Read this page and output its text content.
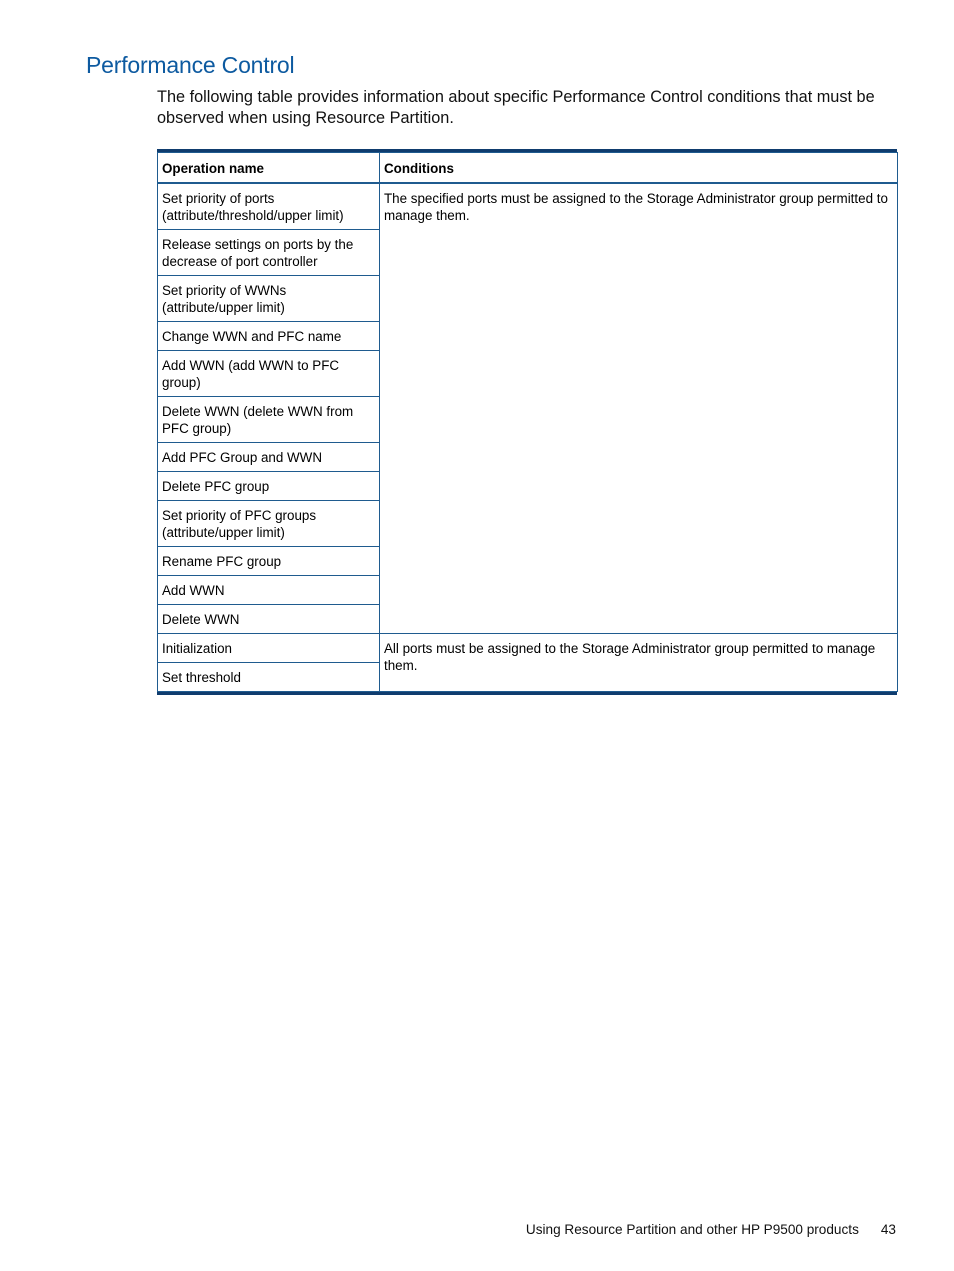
Performance Control

The following table provides information about specific Performance Control conditions that must be observed when using Resource Partition.

Operation name	Conditions
Set priority of ports (attribute/threshold/upper limit)	The specified ports must be assigned to the Storage Administrator group permitted to manage them.
Release settings on ports by the decrease of port controller	
Set priority of WWNs (attribute/upper limit)	
Change WWN and PFC name	
Add WWN (add WWN to PFC group)	
Delete WWN (delete WWN from PFC group)	
Add PFC Group and WWN	
Delete PFC group	
Set priority of PFC groups (attribute/upper limit)	
Rename PFC group	
Add WWN	
Delete WWN	
Initialization	All ports must be assigned to the Storage Administrator group permitted to manage them.
Set threshold	
Using Resource Partition and other HP P9500 products 43
